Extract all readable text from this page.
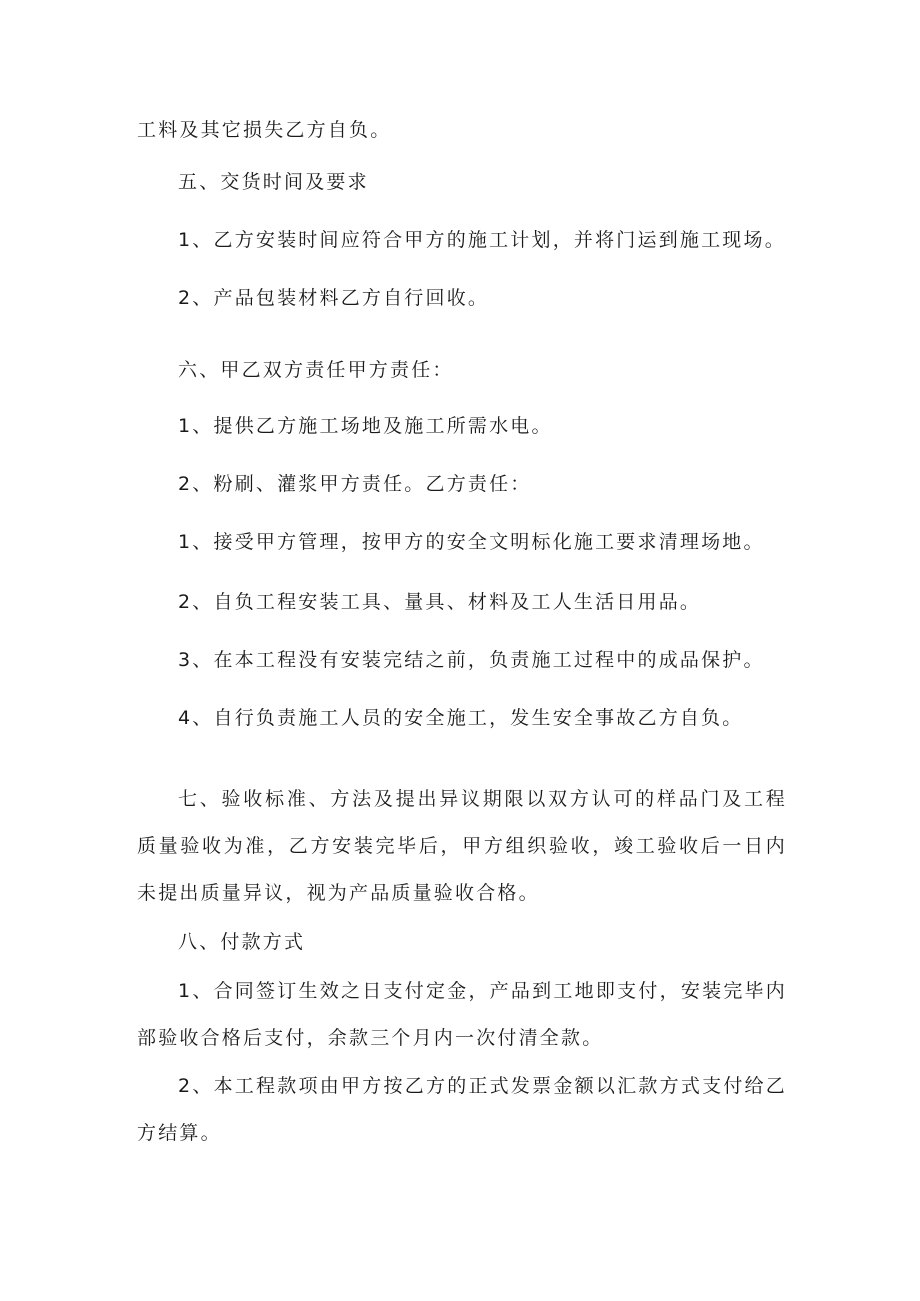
工料及其它损失乙方自负。

五、交货时间及要求

1、乙方安装时间应符合甲方的施工计划，并将门运到施工现场。

2、产品包装材料乙方自行回收。

六、甲乙双方责任甲方责任：

1、提供乙方施工场地及施工所需水电。

2、粉刷、灌浆甲方责任。乙方责任：

1、接受甲方管理，按甲方的安全文明标化施工要求清理场地。

2、自负工程安装工具、量具、材料及工人生活日用品。

3、在本工程没有安装完结之前，负责施工过程中的成品保护。

4、自行负责施工人员的安全施工，发生安全事故乙方自负。

七、验收标准、方法及提出异议期限以双方认可的样品门及工程质量验收为准，乙方安装完毕后，甲方组织验收，竣工验收后一日内未提出质量异议，视为产品质量验收合格。

八、付款方式

1、合同签订生效之日支付定金，产品到工地即支付，安装完毕内部验收合格后支付，余款三个月内一次付清全款。

2、本工程款项由甲方按乙方的正式发票金额以汇款方式支付给乙方结算。
